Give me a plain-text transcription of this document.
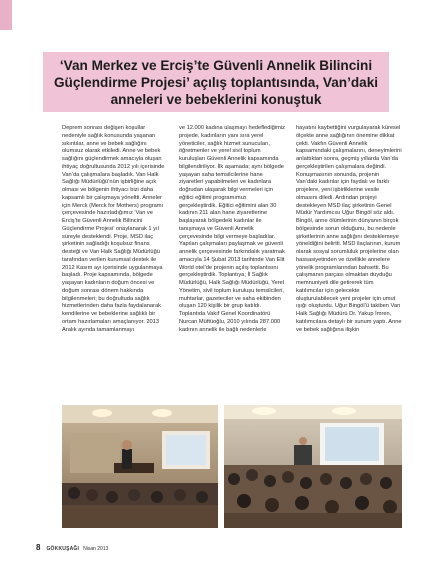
‘Van Merkez ve Erciş’te Güvenli Annelik Bilincini Güçlendirme Projesi’ açılış toplantısında, Van’daki anneleri ve bebeklerini konuştuk

Deprem sonrası değişen koşullar nedeniyle sağlık konusunda yaşanan sıkıntılar, anne ve bebek sağlığını olumsuz olarak etkiledi. Anne ve bebek sağlığını güçlendirmek amacıyla oluşan ihtiyaç doğrultusunda 2012 yılı içerisinde Van’da çalışmalara başladık. Van Halk Sağlığı Müdürlüğü’nün işbirliğine açık olması ve bölgenin ihtiyacı bizi daha kapsamlı bir çalışmaya yöneltti. Anneler için Merck (Merck for Mothers) programı çerçevesinde hazırladığımız ‘Van ve Erciş’te Güvenli Annelik Bilincini Güçlendirme Projesi’ onaylanarak 1 yıl süreyle desteklendi. Proje, MSD ilaç şirketinin sağladığı koşulsuz finans desteği ve Van Halk Sağlığı Müdürlüğü tarafından verilen kurumsal destek ile 2012 Kasım ayı içerisinde uygulanmaya başladı. Proje kapsamında, bölgede yaşayan kadınların doğum öncesi ve doğum sonrası dönem hakkında bilgilenmeleri; bu doğrultuda sağlık hizmetlerinden daha fazla faydalanarak kendilerine ve bebeklerine sağlıklı bir ortam hazırlamaları amaçlanıyor. 2013 Aralık ayında tamamlanmayı

ve 12.000 kadına ulaşmayı hedeflediğimiz projede, kadınların yanı sıra yerel yöneticiler, sağlık hizmet sunucuları, öğretmenler ve yerel sivil toplum kuruluşları Güvenli Annelik kapsamında bilgilendiriliyor. İlk aşamada; aynı bölgede yaşayan saha temsilcilerine hane ziyaretleri yapabilmeleri ve kadınlara doğrudan ulaşarak bilgi vermeleri için eğitici eğitimi programımızı gerçekleştirdik. Eğitici eğitimini alan 30 kadının 211 alan hane ziyaretlerine başlayarak bölgedeki kadınlar ile tanışmaya ve Güvenli Annelik çerçevesinde bilgi vermeye başladılar. Yapılan çalışmaları paylaşmak ve güvenli annelik çerçevesinde farkındalık yaratmak amacıyla 14 Şubat 2013 tarihinde Van Elit World otel’de projenin açılış toplantısını gerçekleştirdik. Toplantıya; İl Sağlık Müdürlüğü, Halk Sağlığı Müdürlüğü, Yerel Yönetim, sivil toplum kuruluşu temsilcileri, muhtarlar, gazeteciler ve saha ekibinden oluşan 120 kişilik bir grup katıldı. Toplantıda Vakıf Genel Koordinatörü Nurcan Müftüoğlu, 2010 yılında 287.000 kadının annelik ile bağlı nedenlerle

hayatını kaybettiğini vurgulayarak küresel ölçekte anne sağlığının önemine dikkat çekti. Vakfın Güvenli Annelik kapsamındaki çalışmalarını, deneyimlerini anlattıktan sonra, geçmiş yıllarda Van’da gerçekleştirilen çalışmalara değindi. Konuşmasının sonunda, projenin Van’daki kadınlar için faydalı ve farklı projelere, yeni işbirliklerine vesile olmasını diledi. Ardından projeyi destekleyen MSD ilaç şirketinin Genel Müdür Yardımcısı Uğur Bingöl söz aldı. Bingöl, anne ölümlerinin dünyanın birçok bölgesinde sorun olduğunu, bu nedenle şirketlerinin anne sağlığını desteklemeye yöneldiğini belirtti. MSD ilaçlarının, kurum olarak sosyal sorumluluk projelerine olan hassasiyetinden ve özellikle annelere yönelik programlarından bahsetti. Bu çalışmanın parçası olmaktan duyduğu memnuniyeti dile getirerek tüm katılımcılar için gelecekte oluşturulabilecek yeni projeler için umut ışığı oluşturdu. Uğur Bingöl’ü takiben Van Halk Sağlığı Müdürü Dr. Yakup İmren, katılımcılara detaylı bir sunum yaptı. Anne ve bebek sağlığına ilişkin

8 GÖKKUŞAĞI Nisan 2013
